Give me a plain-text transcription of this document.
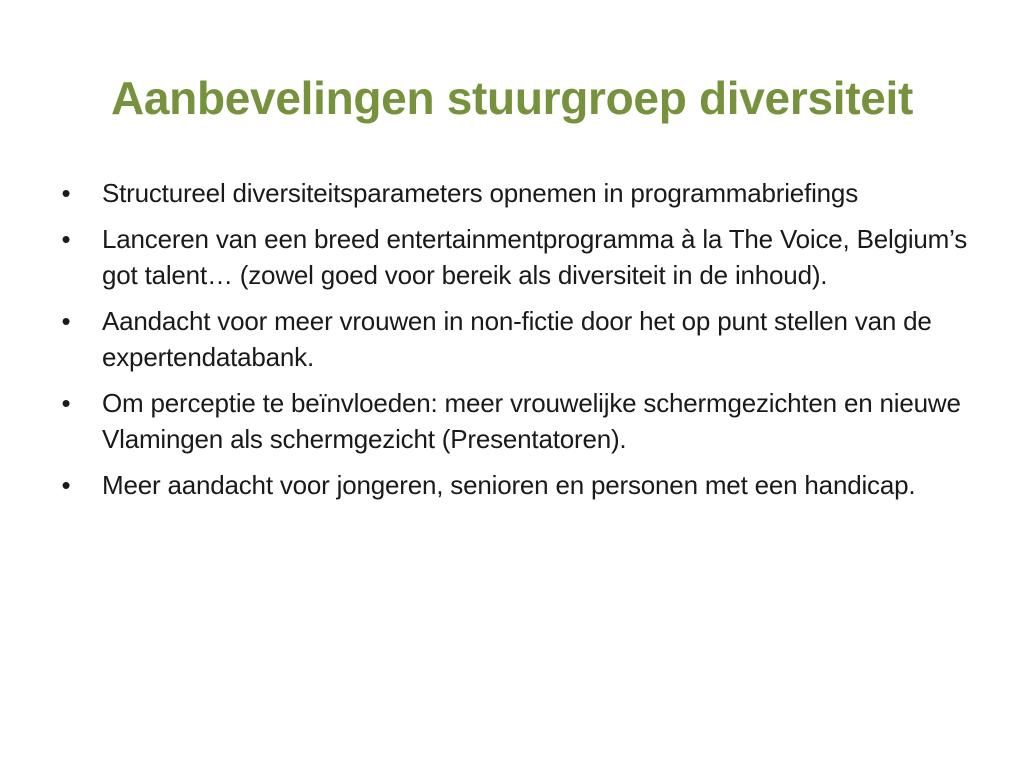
Aanbevelingen stuurgroep diversiteit
• Structureel diversiteitsparameters opnemen in programmabriefings
• Lanceren van een breed entertainmentprogramma à la The Voice, Belgium’s got talent… (zowel goed voor bereik als diversiteit in de inhoud).
• Aandacht voor meer vrouwen in non-fictie door het op punt stellen van de expertendatabank.
• Om perceptie te beïnvloeden: meer vrouwelijke schermgezichten en nieuwe Vlamingen als schermgezicht (Presentatoren).
• Meer aandacht voor jongeren, senioren en personen met een handicap.
